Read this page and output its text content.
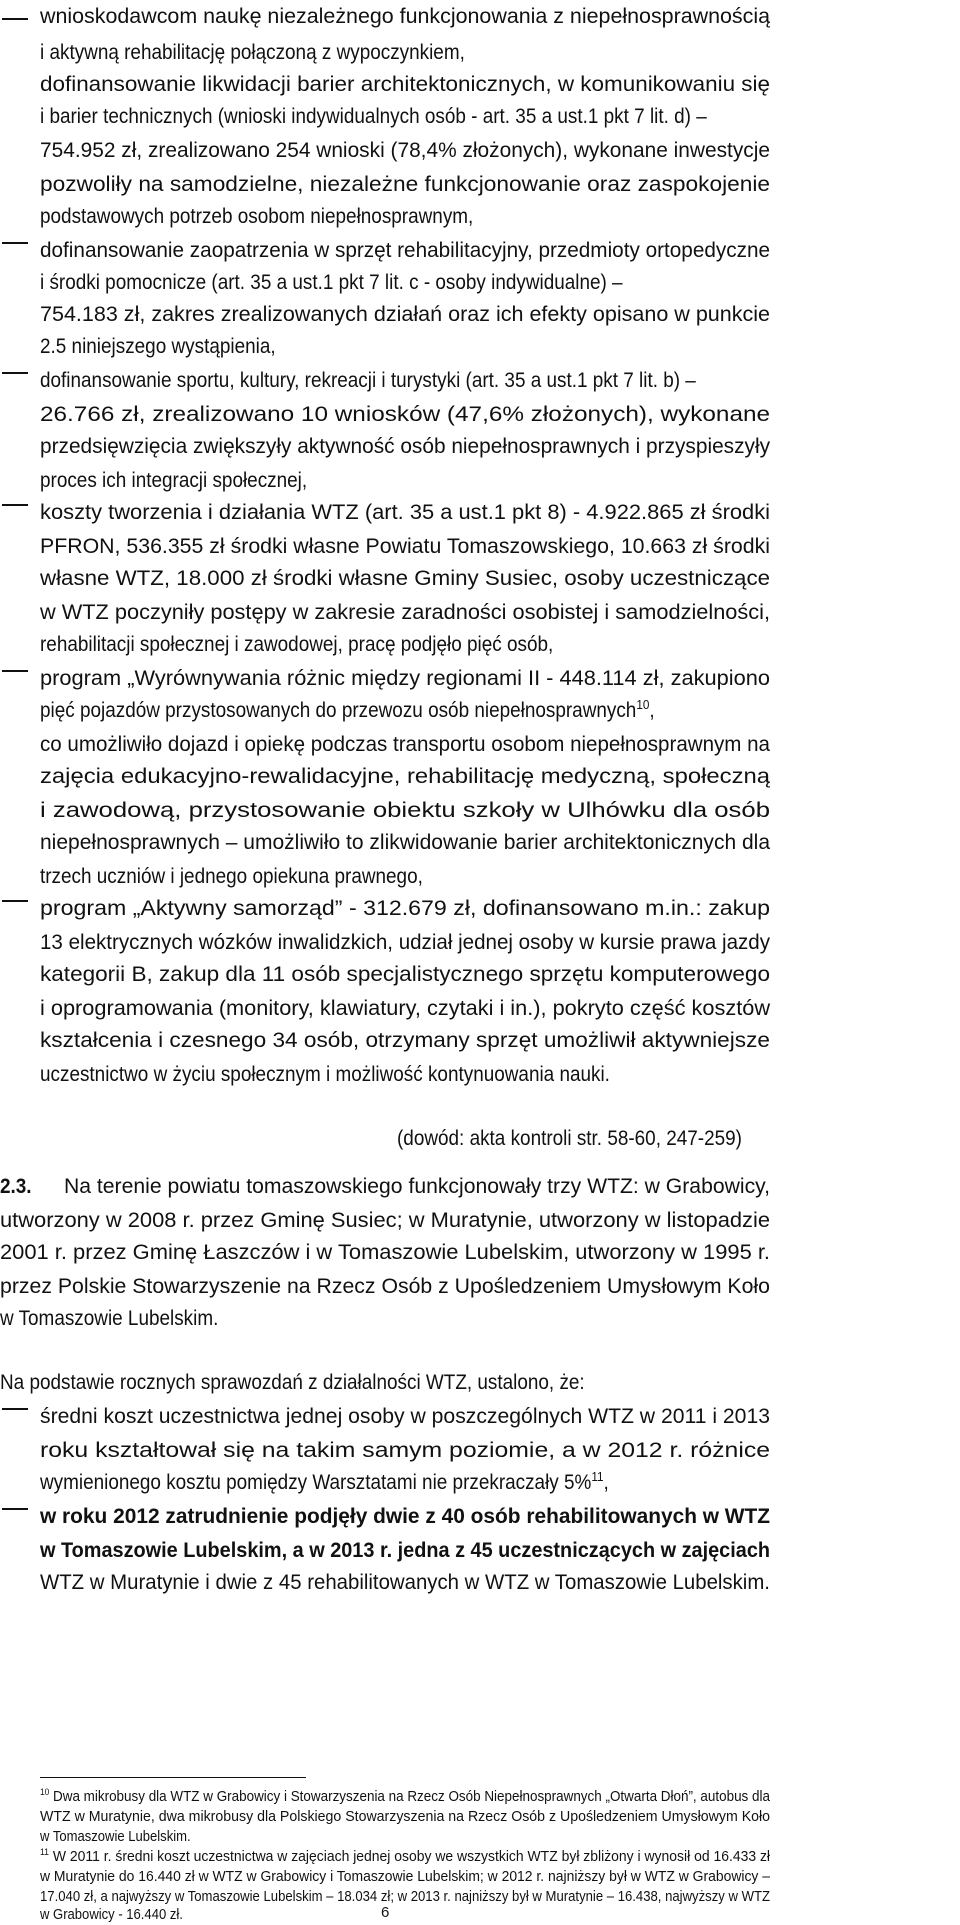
wnioskodawcom naukę niezależnego funkcjonowania z niepełnosprawnością
i aktywną rehabilitację połączoną z wypoczynkiem,
dofinansowanie likwidacji barier architektonicznych, w komunikowaniu się
i barier technicznych (wnioski indywidualnych osób - art. 35 a ust.1 pkt 7 lit. d) –
754.952 zł, zrealizowano 254 wnioski (78,4% złożonych), wykonane inwestycje
pozwoliły na samodzielne, niezależne funkcjonowanie oraz zaspokojenie
podstawowych potrzeb osobom niepełnosprawnym,
dofinansowanie zaopatrzenia w sprzęt rehabilitacyjny, przedmioty ortopedyczne
i środki pomocnicze (art. 35 a ust.1 pkt 7 lit. c - osoby indywidualne) –
754.183 zł, zakres zrealizowanych działań oraz ich efekty opisano w punkcie
2.5 niniejszego wystąpienia,
dofinansowanie sportu, kultury, rekreacji i turystyki (art. 35 a ust.1 pkt 7 lit. b) –
26.766 zł, zrealizowano 10 wniosków (47,6% złożonych), wykonane
przedsięwzięcia zwiększyły aktywność osób niepełnosprawnych i przyspieszyły
proces ich integracji społecznej,
koszty tworzenia i działania WTZ (art. 35 a ust.1 pkt 8) - 4.922.865 zł środki
PFRON, 536.355 zł środki własne Powiatu Tomaszowskiego, 10.663 zł środki
własne WTZ, 18.000 zł środki własne Gminy Susiec, osoby uczestniczące
w WTZ poczyniły postępy w zakresie zaradności osobistej i samodzielności,
rehabilitacji społecznej i zawodowej, pracę podjęło pięć osób,
program „Wyrównywania różnic między regionami II - 448.114 zł, zakupiono
pięć pojazdów przystosowanych do przewozu osób niepełnosprawnych$^{10}$,
co umożliwiło dojazd i opiekę podczas transportu osobom niepełnosprawnym na
zajęcia edukacyjno-rewalidacyjne, rehabilitację medyczną, społeczną
i zawodową, przystosowanie obiektu szkoły w Ulhówku dla osób
niepełnosprawnych – umożliwiło to zlikwidowanie barier architektonicznych dla
trzech uczniów i jednego opiekuna prawnego,
program „Aktywny samorząd” - 312.679 zł, dofinansowano m.in.: zakup
13 elektrycznych wózków inwalidzkich, udział jednej osoby w kursie prawa jazdy
kategorii B, zakup dla 11 osób specjalistycznego sprzętu komputerowego
i oprogramowania (monitory, klawiatury, czytaki i in.), pokryto część kosztów
kształcenia i czesnego 34 osób, otrzymany sprzęt umożliwił aktywniejsze
uczestnictwo w życiu społecznym i możliwość kontynuowania nauki.
(dowód: akta kontroli str. 58-60, 247-259)
2.3. Na terenie powiatu tomaszowskiego funkcjonowały trzy WTZ: w Grabowicy,
utworzony w 2008 r. przez Gminę Susiec; w Muratynie, utworzony w listopadzie
2001 r. przez Gminę Łaszczów i w Tomaszowie Lubelskim, utworzony w 1995 r.
przez Polskie Stowarzyszenie na Rzecz Osób z Upośledzeniem Umysłowym Koło
w Tomaszowie Lubelskim.
Na podstawie rocznych sprawozdań z działalności WTZ, ustalono, że:
średni koszt uczestnictwa jednej osoby w poszczególnych WTZ w 2011 i 2013
roku kształtował się na takim samym poziomie, a w 2012 r. różnice
wymienionego kosztu pomiędzy Warsztatami nie przekraczały 5%$^{11}$,
w roku 2012 zatrudnienie podjęły dwie z 40 osób rehabilitowanych w WTZ
w Tomaszowie Lubelskim, a w 2013 r. jedna z 45 uczestniczących w zajęciach
WTZ w Muratynie i dwie z 45 rehabilitowanych w WTZ w Tomaszowie Lubelskim.
$^{10}$ Dwa mikrobusy dla WTZ w Grabowicy i Stowarzyszenia na Rzecz Osób Niepełnosprawnych „Otwarta Dłoń”, autobus dla
WTZ w Muratynie, dwa mikrobusy dla Polskiego Stowarzyszenia na Rzecz Osób z Upośledzeniem Umysłowym Koło
w Tomaszowie Lubelskim.
$^{11}$ W 2011 r. średni koszt uczestnictwa w zajęciach jednej osoby we wszystkich WTZ był zbliżony i wynosił od 16.433 zł
w Muratynie do 16.440 zł w WTZ w Grabowicy i Tomaszowie Lubelskim; w 2012 r. najniższy był w WTZ w Grabowicy –
17.040 zł, a najwyższy w Tomaszowie Lubelskim – 18.034 zł; w 2013 r. najniższy był w Muratynie – 16.438, najwyższy w WTZ
w Grabowicy - 16.440 zł.	6
